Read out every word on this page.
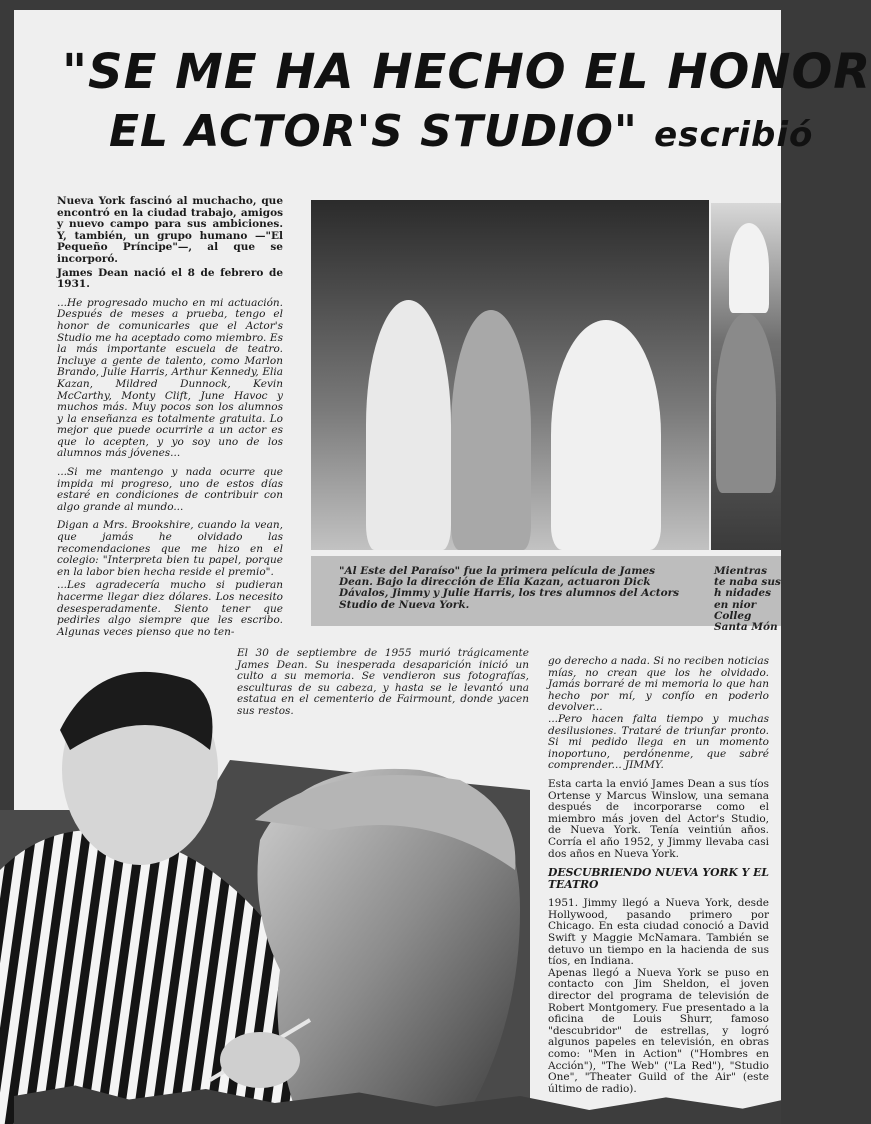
"SE ME HA HECHO EL HONOR
EL ACTOR'S STUDIO" escribió

Nueva York fascinó al muchacho, que encontró en la ciudad trabajo, amigos y nuevo campo para sus ambiciones. Y, también, un grupo humano —"El Pequeño Príncipe"—, al que se incorporó.

James Dean nació el 8 de febrero de 1931.

...He progresado mucho en mi actuación. Después de meses a prueba, tengo el honor de comunicarles que el Actor's Studio me ha aceptado como miembro. Es la más importante escuela de teatro. Incluye a gente de talento, como Marlon Brando, Julie Harris, Arthur Kennedy, Elia Kazan, Mildred Dunnock, Kevin McCarthy, Monty Clift, June Havoc y muchos más. Muy pocos son los alumnos y la enseñanza es totalmente gratuita. Lo mejor que puede ocurrirle a un actor es que lo acepten, y yo soy uno de los alumnos más jóvenes...

...Si me mantengo y nada ocurre que impida mi progreso, uno de estos días estaré en condiciones de contribuir con algo grande al mundo...

Digan a Mrs. Brookshire, cuando la vean, que jamás he olvidado las recomendaciones que me hizo en el colegio: "Interpreta bien tu papel, porque en la labor bien hecha reside el premio".

...Les agradecería mucho si pudieran hacerme llegar diez dólares. Los necesito desesperadamente. Siento tener que pedirles algo siempre que les escribo. Algunas veces pienso que no ten-

"Al Este del Paraíso" fue la primera película de James Dean. Bajo la dirección de Elia Kazan, actuaron Dick Dávalos, Jimmy y Julie Harris, los tres alumnos del Actors Studio de Nueva York.
Mientras te naba sus h nidades en nior Colleg Santa Món
El 30 de septiembre de 1955 murió trágicamente James Dean. Su inesperada desaparición inició un culto a su memoria. Se vendieron sus fotografías, esculturas de su cabeza, y hasta se le levantó una estatua en el cementerio de Fairmount, donde yacen sus restos.

go derecho a nada. Si no reciben noticias mías, no crean que los he olvidado. Jamás borraré de mi memoria lo que han hecho por mí, y confío en poderlo devolver...

...Pero hacen falta tiempo y muchas desilusiones. Trataré de triunfar pronto. Si mi pedido llega en un momento inoportuno, perdónenme, que sabré comprender... JIMMY.

Esta carta la envió James Dean a sus tíos Ortense y Marcus Winslow, una semana después de incorporarse como el miembro más joven del Actor's Studio, de Nueva York. Tenía veintiún años. Corría el año 1952, y Jimmy llevaba casi dos años en Nueva York.

DESCUBRIENDO NUEVA YORK Y EL TEATRO

1951. Jimmy llegó a Nueva York, desde Hollywood, pasando primero por Chicago. En esta ciudad conoció a David Swift y Maggie McNamara. También se detuvo un tiempo en la hacienda de sus tíos, en Indiana.

Apenas llegó a Nueva York se puso en contacto con Jim Sheldon, el joven director del programa de televisión de Robert Montgomery. Fue presentado a la oficina de Louis Shurr, famoso "descubridor" de estrellas, y logró algunos papeles en televisión, en obras como: "Men in Action" ("Hombres en Acción"), "The Web" ("La Red"), "Studio One", "Theater Guild of the Air" (este último de radio).
